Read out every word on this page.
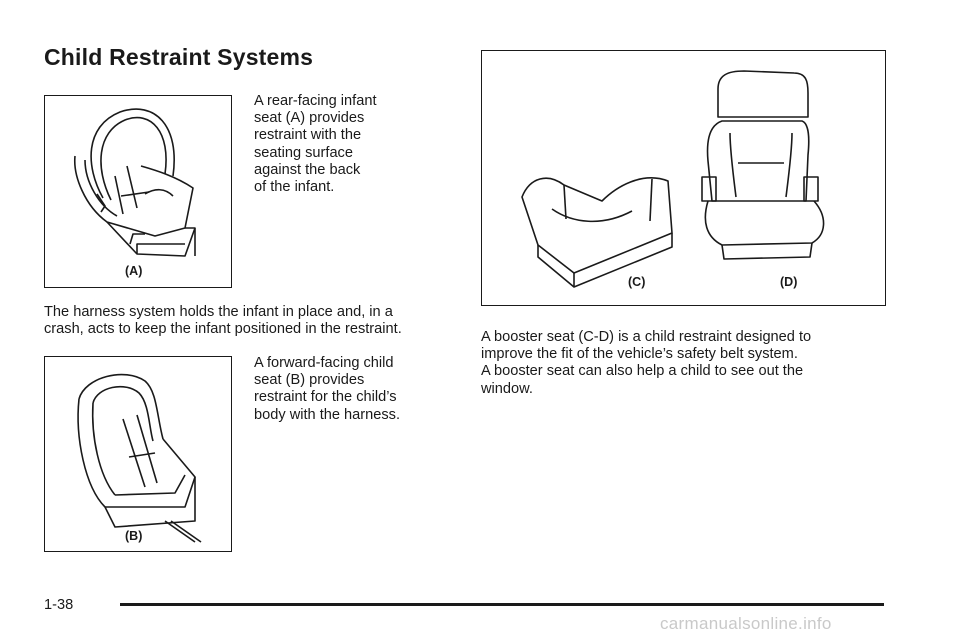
Child Restraint Systems
(A)
A rear-facing infant
seat (A) provides
restraint with the
seating surface
against the back
of the infant.
The harness system holds the infant in place and, in a
crash, acts to keep the infant positioned in the restraint.
(B)
A forward-facing child
seat (B) provides
restraint for the child’s
body with the harness.
(C)	(D)
A booster seat (C-D) is a child restraint designed to
improve the fit of the vehicle’s safety belt system.
A booster seat can also help a child to see out the
window.
1-38
carmanualsonline.info
